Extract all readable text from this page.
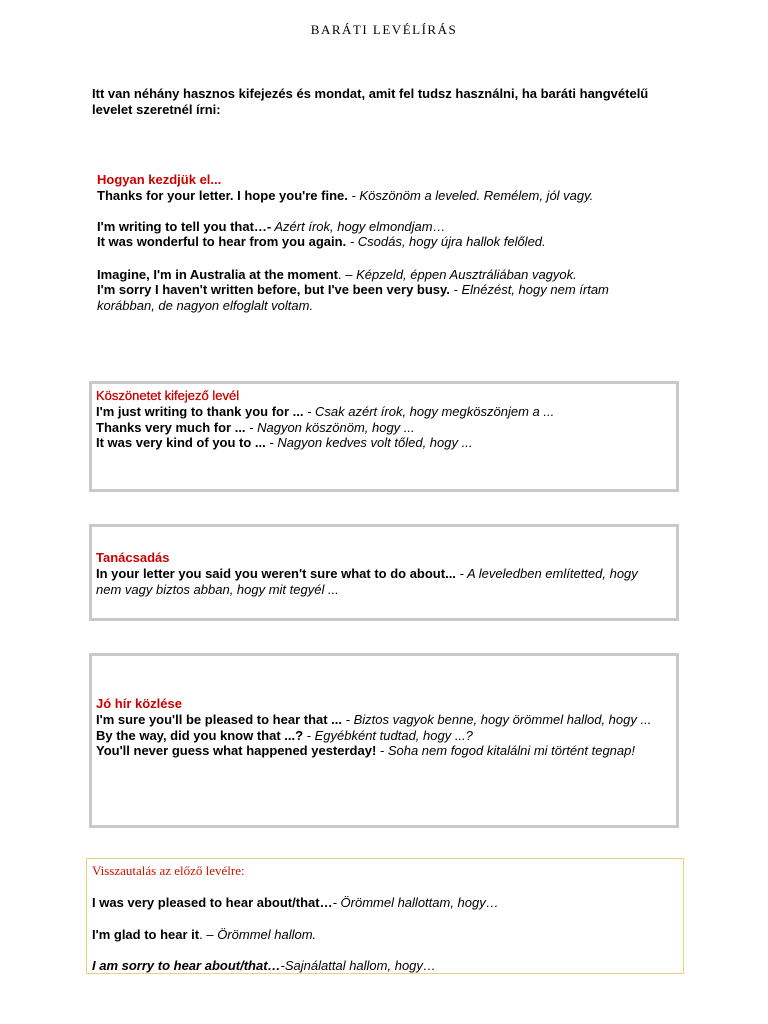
BARÁTI LEVÉLÍRÁS
Itt van néhány hasznos kifejezés és mondat, amit fel tudsz használni, ha baráti hangvételű levelet szeretnél írni:
Hogyan kezdjük el...
Thanks for your letter. I hope you're fine. - Köszönöm a leveled. Remélem, jól vagy.
I'm writing to tell you that…- Azért írok, hogy elmondjam…
It was wonderful to hear from you again. - Csodás, hogy újra hallok felőled.
Imagine, I'm in Australia at the moment. – Képzeld, éppen Ausztráliában vagyok.
I'm sorry I haven't written before, but I've been very busy. - Elnézést, hogy nem írtam korábban, de nagyon elfoglalt voltam.
Köszönetet kifejező levél
I'm just writing to thank you for ... - Csak azért írok, hogy megköszönjem a ...
Thanks very much for ... - Nagyon köszönöm, hogy ...
It was very kind of you to ... - Nagyon kedves volt tőled, hogy ...
Tanácsadás
In your letter you said you weren't sure what to do about... - A leveledben említetted, hogy nem vagy biztos abban, hogy mit tegyél ...
Jó hír közlése
I'm sure you'll be pleased to hear that ... - Biztos vagyok benne, hogy örömmel hallod, hogy ...
By the way, did you know that ...? - Egyébként tudtad, hogy ...?
You'll never guess what happened yesterday! - Soha nem fogod kitalálni mi történt tegnap!
Visszautalás az előző levélre:
I was very pleased to hear about/that…- Örömmel hallottam, hogy…
I'm glad to hear it. – Örömmel hallom.
I am sorry to hear about/that…-Sajnálattal hallom, hogy…
